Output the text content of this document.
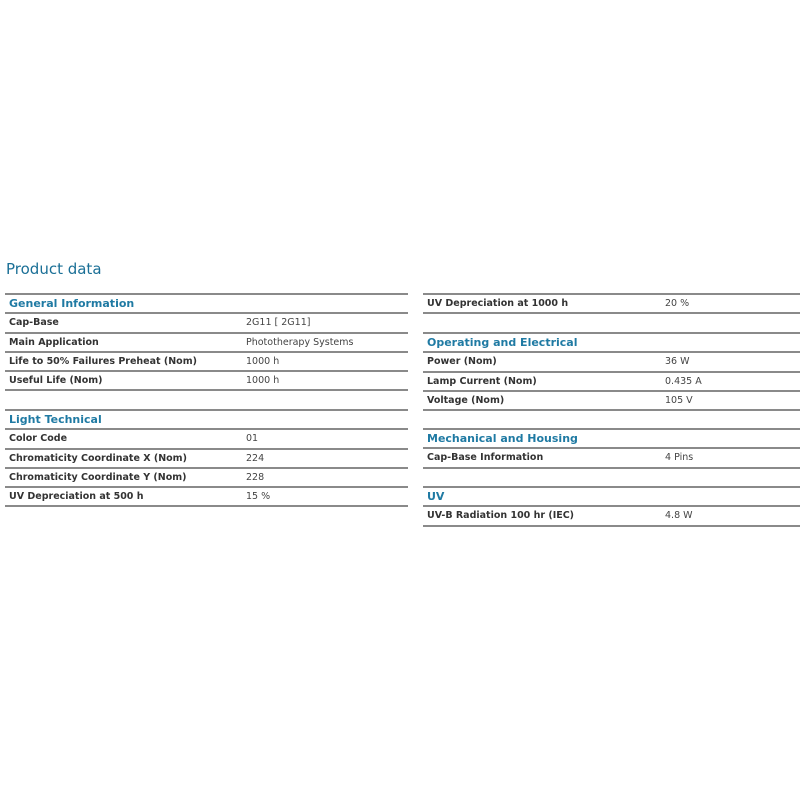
Product data
General Information
Cap-Base	2G11 [ 2G11]
Main Application	Phototherapy Systems
Life to 50% Failures Preheat (Nom)	1000 h
Useful Life (Nom)	1000 h
Light Technical
Color Code	01
Chromaticity Coordinate X (Nom)	224
Chromaticity Coordinate Y (Nom)	228
UV Depreciation at 500 h	15 %
UV Depreciation at 1000 h	20 %
Operating and Electrical
Power (Nom)	36 W
Lamp Current (Nom)	0.435 A
Voltage (Nom)	105 V
Mechanical and Housing
Cap-Base Information	4 Pins
UV
UV-B Radiation 100 hr (IEC)	4.8 W
